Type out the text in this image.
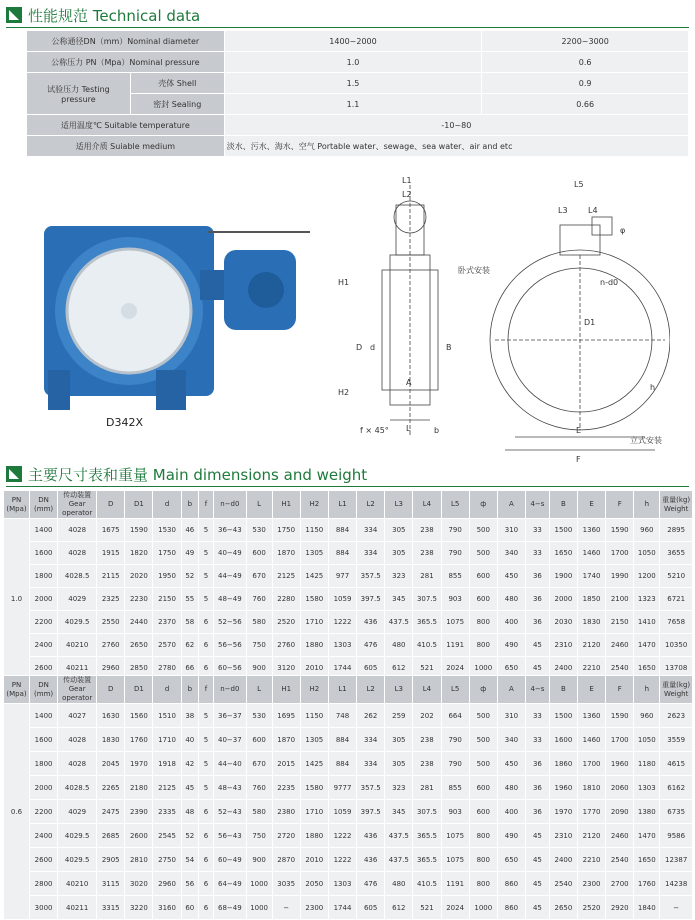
性能规范 Technical data
公称通径DN（mm）Nominal diameter		1400~2000	2200~3000
公称压力 PN（Mpa）Nominal pressure		1.0	0.6
试验压力 Testing pressure	壳体 Shell	1.5	0.9
	密封 Sealing	1.1	0.66
适用温度℃ Suitable temperature		-10~80	
适用介质 Suiable medium		淡水、污水、海水、空气 Portable water、sewage、sea water、air and etc	
D342X
L1
L2
H1
H2
D d
A
B
f × 45°	b
L
L5
L3	L4
φ
n-d0
D1
E
F
h
卧式安装
立式安装
主要尺寸表和重量 Main dimensions and weight
PN (Mpa)	DN (mm)	传动装置 Gear operator	D	D1	d	b	f	n−d0	L	H1	H2	L1	L2	L3	L4	L5	ф	A	4−s	B	E	F	h	重量(kg) Weight
1.0	1400	4028	1675	1590	1530	46	5	36−43	530	1750	1150	884	334	305	238	790	500	310	33	1500	1360	1590	960	2895
	1600	4028	1915	1820	1750	49	5	40−49	600	1870	1305	884	334	305	238	790	500	340	33	1650	1460	1700	1050	3655
	1800	4028.5	2115	2020	1950	52	5	44−49	670	2125	1425	977	357.5	323	281	855	600	450	36	1900	1740	1990	1200	5210
	2000	4029	2325	2230	2150	55	5	48−49	760	2280	1580	1059	397.5	345	307.5	903	600	480	36	2000	1850	2100	1323	6721
	2200	4029.5	2550	2440	2370	58	6	52−56	580	2520	1710	1222	436	437.5	365.5	1075	800	400	36	2030	1830	2150	1410	7658
	2400	40210	2760	2650	2570	62	6	56−56	750	2760	1880	1303	476	480	410.5	1191	800	490	45	2310	2120	2460	1470	10350
	2600	40211	2960	2850	2780	66	6	60−56	900	3120	2010	1744	605	612	521	2024	1000	650	45	2400	2210	2540	1650	13708
PN (Mpa)	DN (mm)	传动装置 Gear operator	D	D1	d	b	f	n−d0	L	H1	H2	L1	L2	L3	L4	L5	ф	A	4−s	B	E	F	h	重量(kg) Weight
0.6	1400	4027	1630	1560	1510	38	5	36−37	530	1695	1150	748	262	259	202	664	500	310	33	1500	1360	1590	960	2623
	1600	4028	1830	1760	1710	40	5	40−37	600	1870	1305	884	334	305	238	790	500	340	33	1600	1460	1700	1050	3559
	1800	4028	2045	1970	1918	42	5	44−40	670	2015	1425	884	334	305	238	790	500	450	36	1860	1700	1960	1180	4615
	2000	4028.5	2265	2180	2125	45	5	48−43	760	2235	1580	9777	357.5	323	281	855	600	480	36	1960	1810	2060	1303	6162
	2200	4029	2475	2390	2335	48	6	52−43	580	2380	1710	1059	397.5	345	307.5	903	600	400	36	1970	1770	2090	1380	6735
	2400	4029.5	2685	2600	2545	52	6	56−43	750	2720	1880	1222	436	437.5	365.5	1075	800	490	45	2310	2120	2460	1470	9586
	2600	4029.5	2905	2810	2750	54	6	60−49	900	2870	2010	1222	436	437.5	365.5	1075	800	650	45	2400	2210	2540	1650	12387
	2800	40210	3115	3020	2960	56	6	64−49	1000	3035	2050	1303	476	480	410.5	1191	800	860	45	2540	2300	2700	1760	14238
	3000	40211	3315	3220	3160	60	6	68−49	1000	−	2300	1744	605	612	521	2024	1000	860	45	2650	2520	2920	1840	−
